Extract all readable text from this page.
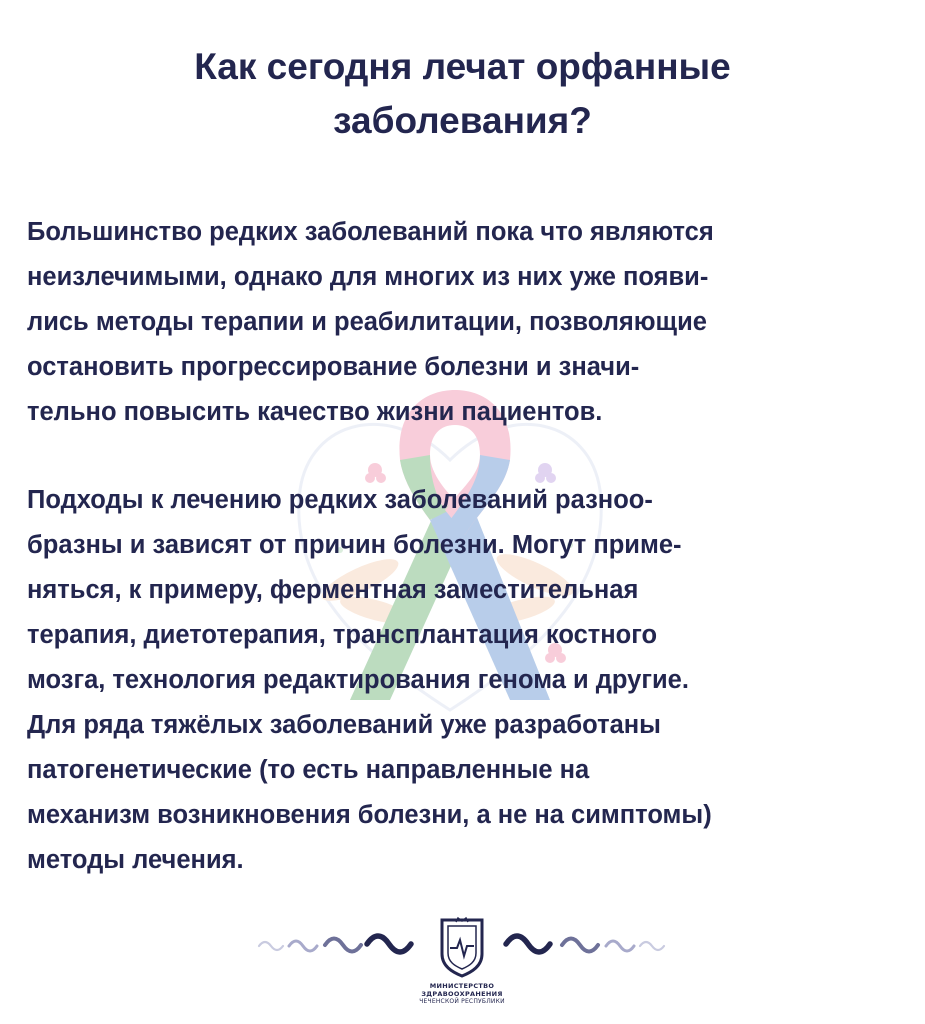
Как сегодня лечат орфанные
заболевания?
Большинство редких заболеваний пока что являются
неизлечимыми, однако для многих из них уже появи-
лись методы терапии и реабилитации, позволяющие
остановить прогрессирование болезни и значи-
тельно повысить качество жизни пациентов.
Подходы к лечению редких заболеваний разноо-
бразны и зависят от причин болезни. Могут приме-
няться, к примеру, ферментная заместительная
терапия, диетотерапия, трансплантация костного
мозга, технология редактирования генома и другие.
Для ряда тяжёлых заболеваний уже разработаны
патогенетические (то есть направленные на
механизм возникновения болезни, а не на симптомы)
методы лечения.
МИНИСТЕРСТВО
ЗДРАВООХРАНЕНИЯ
ЧЕЧЕНСКОЙ РЕСПУБЛИКИ
